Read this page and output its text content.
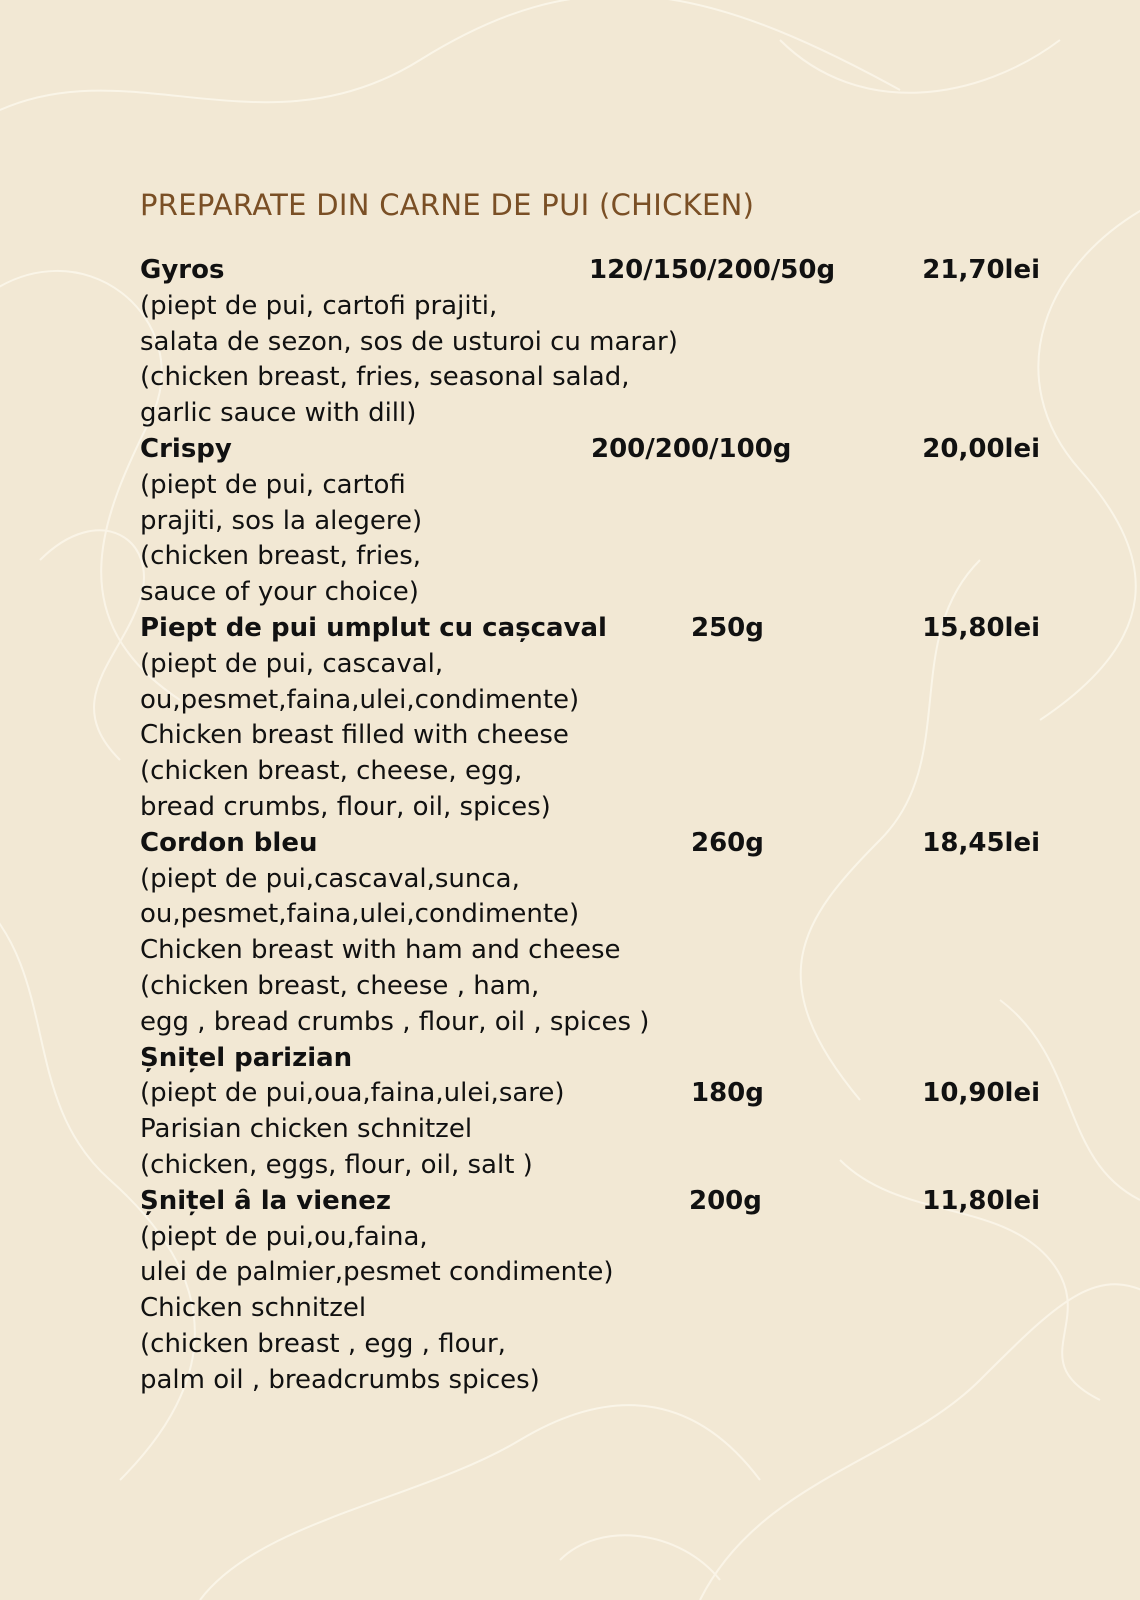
PREPARATE DIN CARNE DE PUI (CHICKEN)
Gyros	120/150/200/50g	21,70lei
(piept de pui, cartofi prajiti,
salata de sezon, sos de usturoi cu marar)
(chicken breast, fries, seasonal salad,
garlic sauce with dill)
Crispy	200/200/100g	20,00lei
(piept de pui, cartofi
prajiti, sos la alegere)
(chicken breast, fries,
sauce of your choice)
Piept de pui umplut cu cașcaval	250g	15,80lei
(piept de pui, cascaval,
ou,pesmet,faina,ulei,condimente)
Chicken breast filled with cheese
(chicken breast, cheese, egg,
bread crumbs, flour, oil, spices)
Cordon bleu	260g	18,45lei
(piept de pui,cascaval,sunca,
ou,pesmet,faina,ulei,condimente)
Chicken breast with ham and cheese
(chicken breast, cheese , ham,
egg , bread crumbs , flour, oil , spices )
Șnițel parizian
(piept de pui,oua,faina,ulei,sare)	180g	10,90lei
Parisian chicken schnitzel
(chicken, eggs, flour, oil, salt )
Șnițel ȃ la vienez	200g	11,80lei
(piept de pui,ou,faina,
ulei de palmier,pesmet condimente)
Chicken schnitzel
(chicken breast , egg , flour,
palm oil , breadcrumbs spices)
